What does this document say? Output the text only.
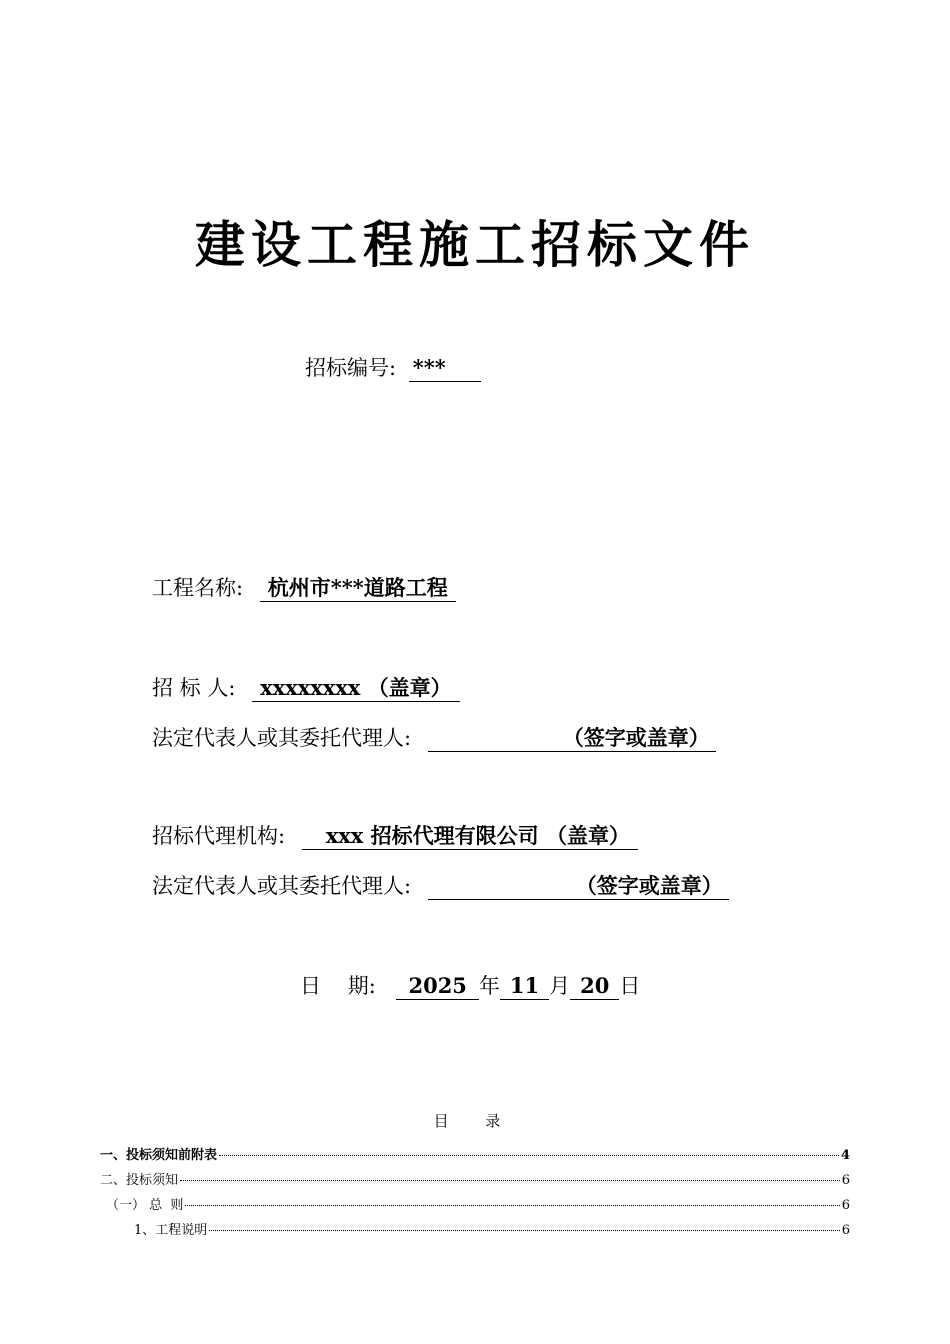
建设工程施工招标文件
招标编号: ***
工程名称: 杭州市***道路工程
招 标 人: xxxxxxxx （盖章）
法定代表人或其委托代理人:	（签字或盖章）
招标代理机构: xxx 招标代理有限公司 （盖章）
法定代表人或其委托代理人:	（签字或盖章）
日    期: 2025 年 11 月 20 日
目 录
一、投标须知前附表	4
二、投标须知	6
（一） 总  则	6
1、工程说明	6
